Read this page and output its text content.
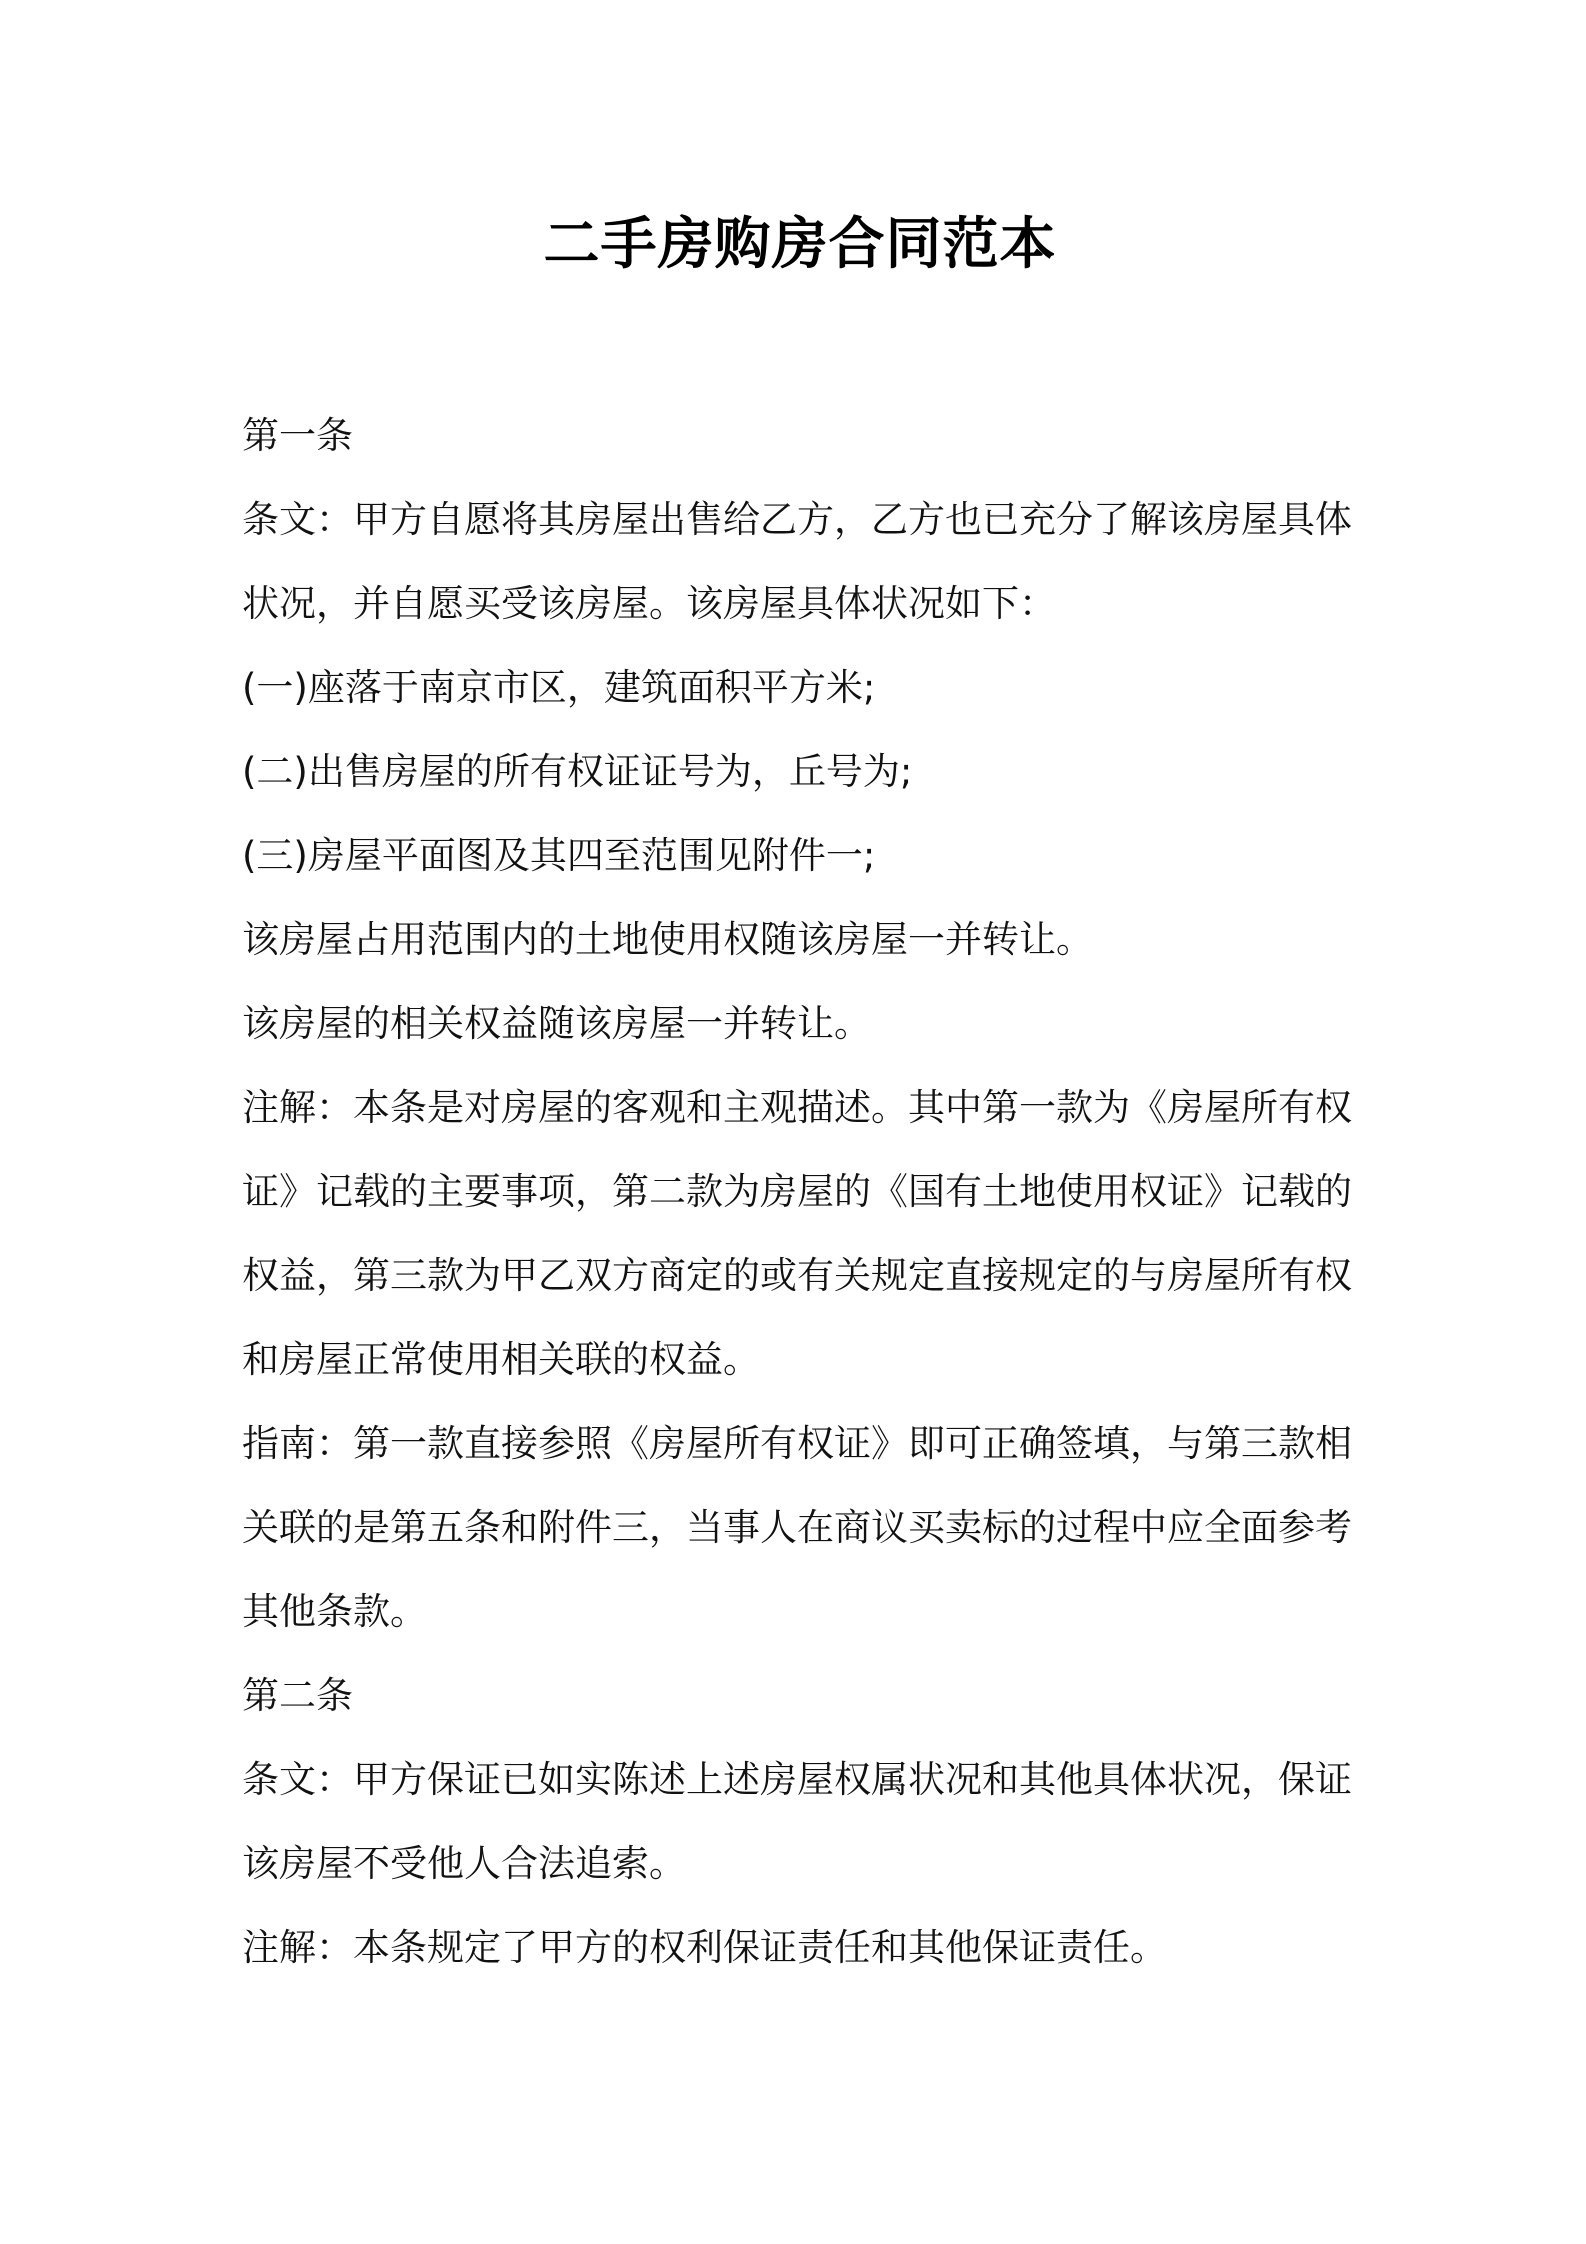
二手房购房合同范本
第一条
条文：甲方自愿将其房屋出售给乙方，乙方也已充分了解该房屋具体
状况，并自愿买受该房屋。该房屋具体状况如下：
(一)座落于南京市区，建筑面积平方米;
(二)出售房屋的所有权证证号为，丘号为;
(三)房屋平面图及其四至范围见附件一;
该房屋占用范围内的土地使用权随该房屋一并转让。
该房屋的相关权益随该房屋一并转让。
注解：本条是对房屋的客观和主观描述。其中第一款为《房屋所有权
证》记载的主要事项，第二款为房屋的《国有土地使用权证》记载的
权益，第三款为甲乙双方商定的或有关规定直接规定的与房屋所有权
和房屋正常使用相关联的权益。
指南：第一款直接参照《房屋所有权证》即可正确签填，与第三款相
关联的是第五条和附件三，当事人在商议买卖标的过程中应全面参考
其他条款。
第二条
条文：甲方保证已如实陈述上述房屋权属状况和其他具体状况，保证
该房屋不受他人合法追索。
注解：本条规定了甲方的权利保证责任和其他保证责任。
